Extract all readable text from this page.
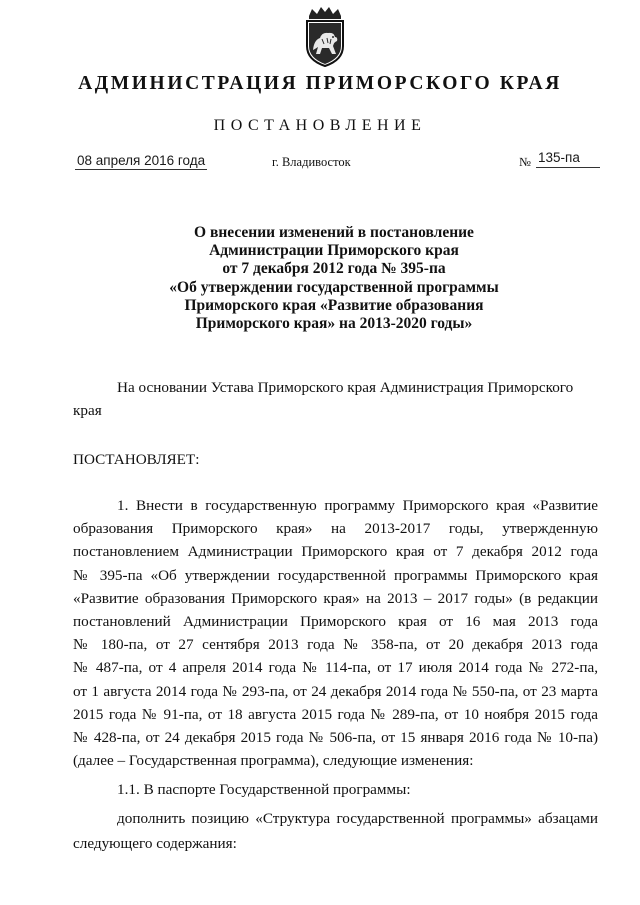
АДМИНИСТРАЦИЯ ПРИМОРСКОГО КРАЯ
ПОСТАНОВЛЕНИЕ
08 апреля 2016 года	г. Владивосток	№ 135-па
О внесении изменений в постановление
Администрации Приморского края
от 7 декабря 2012 года № 395-па
«Об утверждении государственной программы
Приморского края «Развитие образования
Приморского края» на 2013-2020 годы»
На основании Устава Приморского края Администрация Приморского
края
ПОСТАНОВЛЯЕТ:
1. Внести в государственную программу Приморского края «Развитие
образования Приморского края» на 2013-2017 годы, утвержденную
постановлением Администрации Приморского края от 7 декабря 2012 года
№ 395-па «Об утверждении государственной программы Приморского края
«Развитие образования Приморского края» на 2013 – 2017 годы» (в редакции
постановлений Администрации Приморского края от 16 мая 2013 года
№ 180-па, от 27 сентября 2013 года № 358-па, от 20 декабря 2013 года
№ 487-па, от 4 апреля 2014 года № 114-па, от 17 июля 2014 года № 272-па,
от 1 августа 2014 года № 293-па, от 24 декабря 2014 года № 550-па, от 23 марта
2015 года № 91-па, от 18 августа 2015 года № 289-па, от 10 ноября 2015 года
№ 428-па, от 24 декабря 2015 года № 506-па, от 15 января 2016 года № 10-па)
(далее – Государственная программа), следующие изменения:
1.1. В паспорте Государственной программы:
дополнить позицию «Структура государственной программы» абзацами
следующего содержания:
